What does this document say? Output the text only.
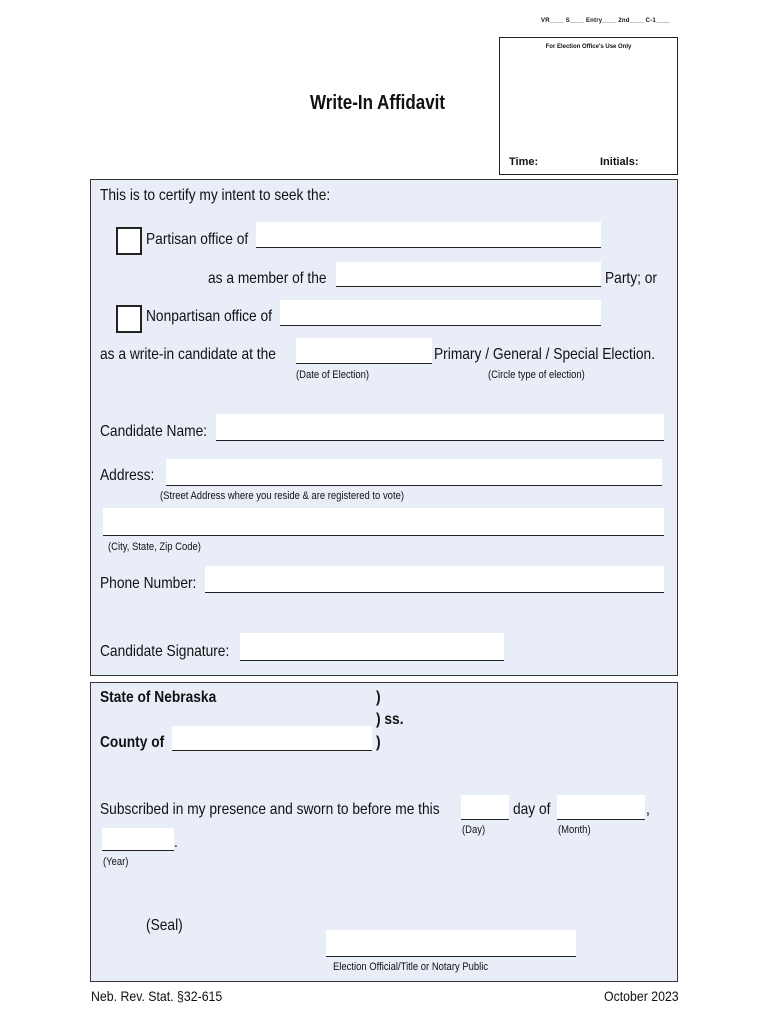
VR____ S____ Entry____ 2nd____ C-1____
For Election Office's Use Only
Time:	Initials:
Write-In Affidavit
This is to certify my intent to seek the:
Partisan office of
as a member of the	Party; or
Nonpartisan office of
as a write-in candidate at the	Primary / General / Special Election.
(Date of Election)	(Circle type of election)
Candidate Name:
Address:
(Street Address where you reside & are registered to vote)
(City, State, Zip Code)
Phone Number:
Candidate Signature:
State of Nebraska	)
) ss.
County of	)
Subscribed in my presence and sworn to before me this	day of	,
(Day)	(Month)
.
(Year)
(Seal)
Election Official/Title or Notary Public
Neb. Rev. Stat. §32-615	October 2023
